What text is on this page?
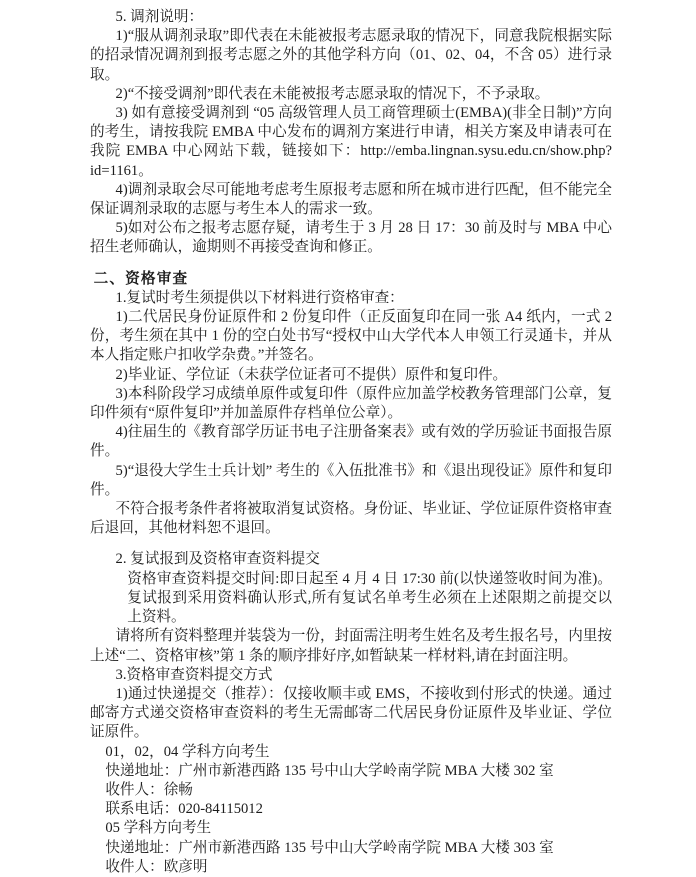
5. 调剂说明：

1)“服从调剂录取”即代表在未能被报考志愿录取的情况下，同意我院根据实际的招录情况调剂到报考志愿之外的其他学科方向（01、02、04，不含 05）进行录取。

2)“不接受调剂”即代表在未能被报考志愿录取的情况下，不予录取。

3) 如有意接受调剂到 “05 高级管理人员工商管理硕士(EMBA)(非全日制)”方向的考生，请按我院 EMBA 中心发布的调剂方案进行申请，相关方案及申请表可在我院 EMBA 中心网站下载，链接如下：http://emba.lingnan.sysu.edu.cn/show.php?id=1161。

4)调剂录取会尽可能地考虑考生原报考志愿和所在城市进行匹配，但不能完全保证调剂录取的志愿与考生本人的需求一致。

5)如对公布之报考志愿存疑，请考生于 3 月 28 日 17：30 前及时与 MBA 中心招生老师确认，逾期则不再接受查询和修正。

二、资格审查

1.复试时考生须提供以下材料进行资格审查：

1)二代居民身份证原件和 2 份复印件（正反面复印在同一张 A4 纸内，一式 2 份，考生须在其中 1 份的空白处书写“授权中山大学代本人申领工行灵通卡，并从本人指定账户扣收学杂费。”并签名。

2)毕业证、学位证（未获学位证者可不提供）原件和复印件。

3)本科阶段学习成绩单原件或复印件（原件应加盖学校教务管理部门公章，复印件须有“原件复印”并加盖原件存档单位公章）。

4)往届生的《教育部学历证书电子注册备案表》或有效的学历验证书面报告原件。

5)“退役大学生士兵计划” 考生的《入伍批准书》和《退出现役证》原件和复印件。

不符合报考条件者将被取消复试资格。身份证、毕业证、学位证原件资格审查后退回，其他材料恕不退回。

2. 复试报到及资格审查资料提交

资格审查资料提交时间:即日起至 4 月 4 日 17:30 前(以快递签收时间为准)。复试报到采用资料确认形式,所有复试名单考生必须在上述限期之前提交以上资料。

请将所有资料整理并装袋为一份，封面需注明考生姓名及考生报名号，内里按上述“二、资格审核”第 1 条的顺序排好序,如暂缺某一样材料,请在封面注明。

3.资格审查资料提交方式

1)通过快递提交（推荐）：仅接收顺丰或 EMS，不接收到付形式的快递。通过邮寄方式递交资格审查资料的考生无需邮寄二代居民身份证原件及毕业证、学位证原件。

01，02，04 学科方向考生

快递地址：广州市新港西路 135 号中山大学岭南学院 MBA 大楼 302 室

收件人：徐畅

联系电话：020-84115012

05 学科方向考生

快递地址：广州市新港西路 135 号中山大学岭南学院 MBA 大楼 303 室

收件人：欧彦明
